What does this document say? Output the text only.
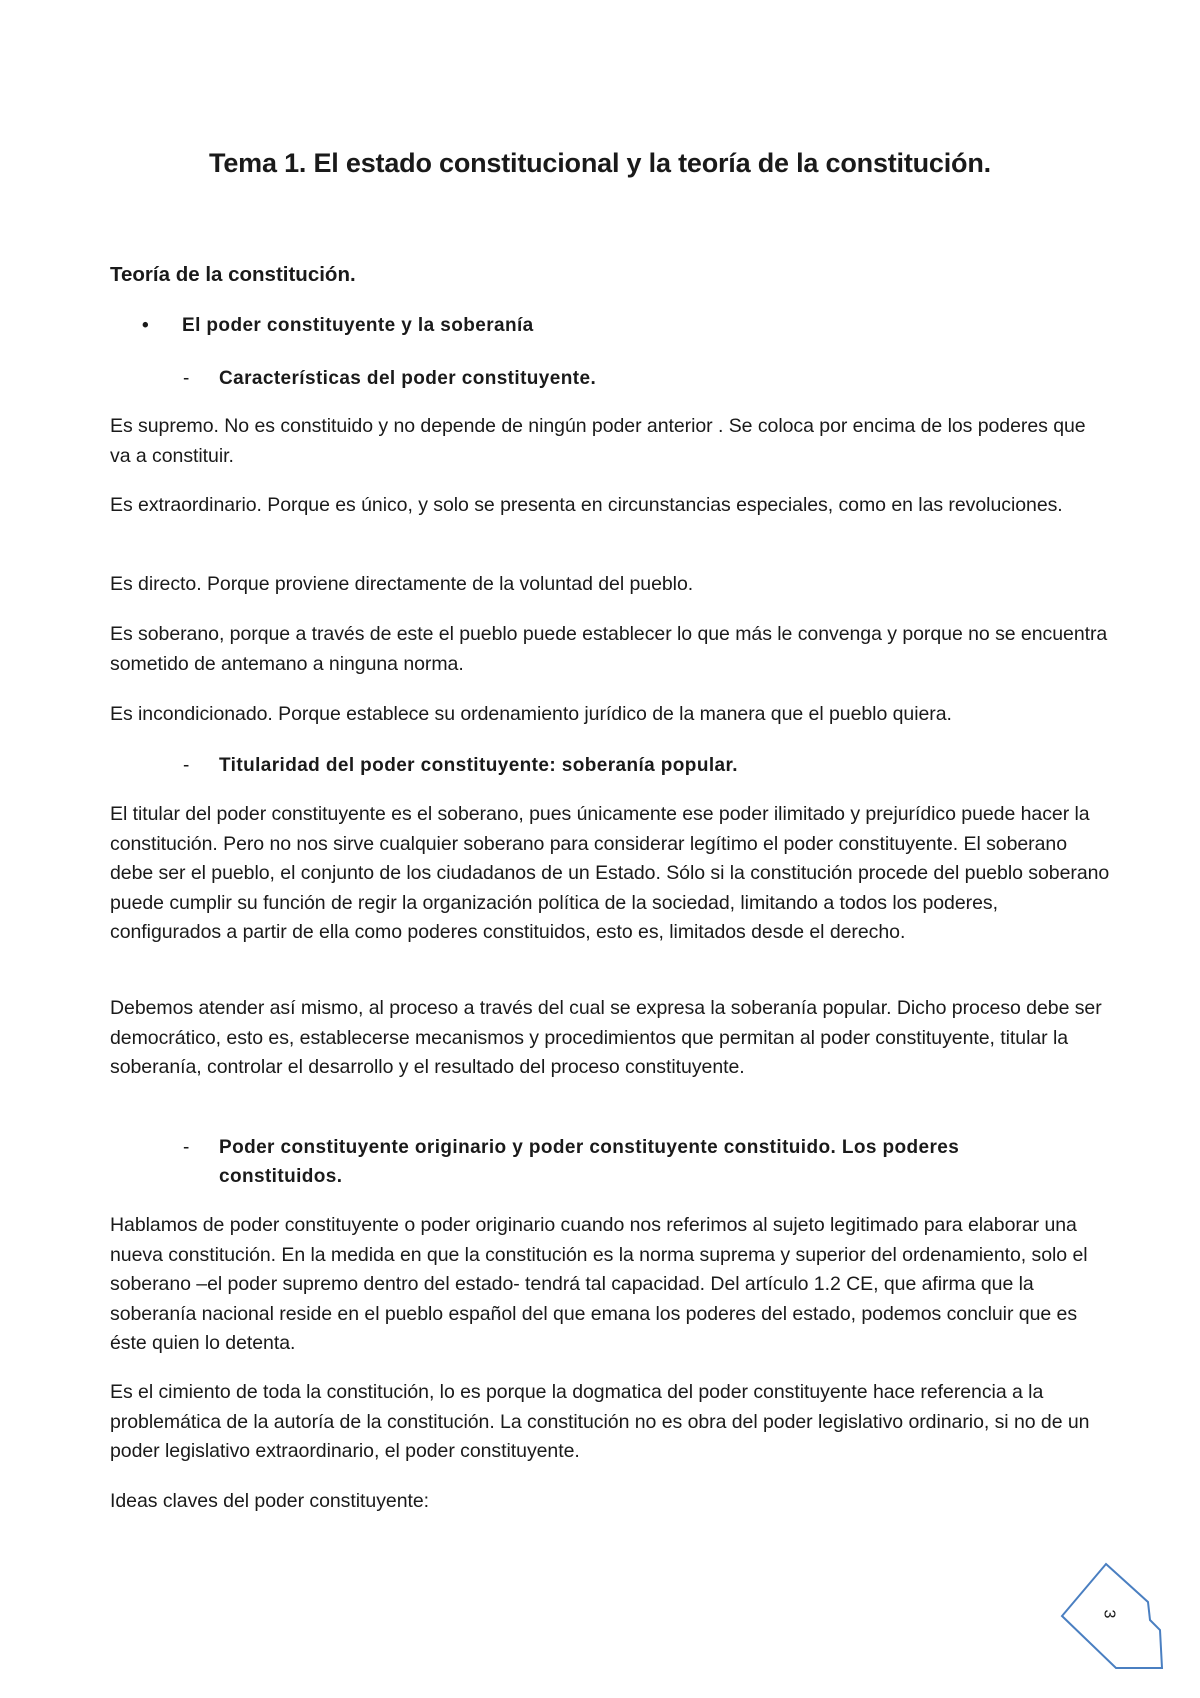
Tema 1. El estado constitucional y la teoría de la constitución.
Teoría de la constitución.
• El poder constituyente y la soberanía
- Características del poder constituyente.
Es supremo. No es constituido y no depende de ningún poder anterior . Se coloca por encima de los poderes que va a constituir.
Es extraordinario. Porque es único, y solo se presenta en circunstancias especiales, como en las revoluciones.
Es directo. Porque proviene directamente de la voluntad del pueblo.
Es soberano, porque a través de este el pueblo puede establecer lo que más le convenga y porque no se encuentra sometido de antemano a ninguna norma.
Es incondicionado. Porque establece su ordenamiento jurídico de la manera que el pueblo quiera.
- Titularidad del poder constituyente: soberanía popular.
El titular del poder constituyente es el soberano, pues únicamente ese poder ilimitado y prejurídico puede hacer la constitución. Pero no nos sirve cualquier soberano para considerar legítimo el poder constituyente. El soberano debe ser el pueblo, el conjunto de los ciudadanos de un Estado. Sólo si la constitución procede del pueblo soberano puede cumplir su función de regir la organización política de la sociedad, limitando a todos los poderes, configurados a partir de ella como poderes constituidos, esto es, limitados desde el derecho.
Debemos atender así mismo, al proceso a través del cual se expresa la soberanía popular. Dicho proceso debe ser democrático, esto es, establecerse mecanismos y procedimientos que permitan al poder constituyente, titular la soberanía, controlar el desarrollo y el resultado del proceso constituyente.
- Poder constituyente originario y poder constituyente constituido. Los poderes constituidos.
Hablamos de poder constituyente o poder originario cuando nos referimos al sujeto legitimado para elaborar una nueva constitución. En la medida en que la constitución es la norma suprema y superior del ordenamiento, solo el soberano –el poder supremo dentro del estado- tendrá tal capacidad. Del artículo 1.2 CE, que afirma que la soberanía nacional reside en el pueblo español del que emana los poderes del estado, podemos concluir que es éste quien lo detenta.
Es el cimiento de toda la constitución, lo es porque la dogmatica del poder constituyente hace referencia a la problemática de la autoría de la constitución. La constitución no es obra del poder legislativo ordinario, si no de un poder legislativo extraordinario, el poder constituyente.
Ideas claves del poder constituyente:
3
